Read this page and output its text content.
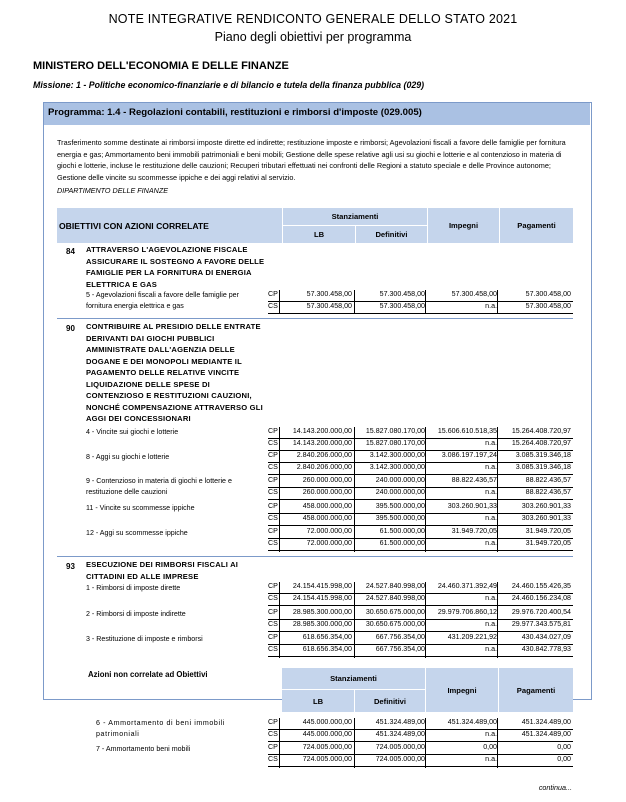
NOTE INTEGRATIVE RENDICONTO GENERALE DELLO STATO 2021
Piano degli obiettivi per programma
MINISTERO DELL'ECONOMIA E DELLE FINANZE
Missione: 1 - Politiche economico-finanziarie e di bilancio e tutela della finanza pubblica (029)
Programma: 1.4 - Regolazioni contabili, restituzioni e rimborsi d'imposte (029.005)
Trasferimento somme destinate ai rimborsi imposte dirette ed indirette; restituzione imposte e rimborsi; Agevolazioni fiscali a favore delle famiglie per fornitura energia e gas; Ammortamento beni immobili patrimoniali e beni mobili; Gestione delle spese relative agli usi su giochi e lotterie e al contenzioso in materia di giochi e lotterie, incluse le restituzione delle cauzioni; Recuperi tributari effettuati nei confronti delle Regioni a statuto speciale e delle Province autonome; Gestione delle vincite su scommesse ippiche e dei aggi relativi al servizio.
DIPARTIMENTO DELLE FINANZE
OBIETTIVI CON AZIONI CORRELATE
Stanziamenti
LB	Definitivi
Impegni	Pagamenti
84 ATTRAVERSO L'AGEVOLAZIONE FISCALE
ASSICURARE IL SOSTEGNO A FAVORE DELLE
FAMIGLIE PER LA FORNITURA DI ENERGIA
ELETTRICA E GAS
5 - Agevolazioni fiscali a favore delle famiglie per
fornitura energia elettrica e gas
CP	57.300.458,00	57.300.458,00	57.300.458,00	57.300.458,00
CS	57.300.458,00	57.300.458,00	n.a.	57.300.458,00
90 CONTRIBUIRE AL PRESIDIO DELLE ENTRATE
DERIVANTI DAI GIOCHI PUBBLICI
AMMINISTRATE DALL'AGENZIA DELLE
DOGANE E DEI MONOPOLI MEDIANTE IL
PAGAMENTO DELLE RELATIVE VINCITE
LIQUIDAZIONE DELLE SPESE DI
CONTENZIOSO E RESTITUZIONI CAUZIONI,
NONCHÉ COMPENSAZIONE ATTRAVERSO GLI
AGGI DEI CONCESSIONARI
4 - Vincite sui giochi e lotterie	CP	14.143.200.000,00	15.827.080.170,00	15.606.610.518,35	15.264.408.720,97
CS	14.143.200.000,00	15.827.080.170,00	n.a.	15.264.408.720,97
8 - Aggi su giochi e lotterie	CP	2.840.206.000,00	3.142.300.000,00	3.086.197.197,24	3.085.319.346,18
CS	2.840.206.000,00	3.142.300.000,00	n.a.	3.085.319.346,18
9 - Contenzioso in materia di giochi e lotterie e
restituzione delle cauzioni
CP	260.000.000,00	240.000.000,00	88.822.436,57	88.822.436,57
CS	260.000.000,00	240.000.000,00	n.a.	88.822.436,57
11 - Vincite su scommesse ippiche	CP	458.000.000,00	395.500.000,00	303.260.901,33	303.260.901,33
CS	458.000.000,00	395.500.000,00	n.a.	303.260.901,33
12 - Aggi su scommesse ippiche	CP	72.000.000,00	61.500.000,00	31.949.720,05	31.949.720,05
CS	72.000.000,00	61.500.000,00	n.a.	31.949.720,05
93 ESECUZIONE DEI RIMBORSI FISCALI AI
CITTADINI ED ALLE IMPRESE
1 - Rimborsi di imposte dirette	CP	24.154.415.998,00	24.527.840.998,00	24.460.371.392,49	24.460.155.426,35
CS	24.154.415.998,00	24.527.840.998,00	n.a.	24.460.156.234,08
2 - Rimborsi di imposte indirette	CP	28.985.300.000,00	30.650.675.000,00	29.979.706.860,12	29.976.720.400,54
CS	28.985.300.000,00	30.650.675.000,00	n.a.	29.977.343.575,81
3 - Restituzione di imposte e rimborsi	CP	618.656.354,00	667.756.354,00	431.209.221,92	430.434.027,09
CS	618.656.354,00	667.756.354,00	n.a.	430.842.778,93
Azioni non correlate ad Obiettivi	Stanziamenti
LB	Definitivi
Impegni	Pagamenti
6 - Ammortamento di beni immobili
patrimoniali
CP	445.000.000,00	451.324.489,00	451.324.489,00	451.324.489,00
CS	445.000.000,00	451.324.489,00	n.a.	451.324.489,00
7 - Ammortamento beni mobili	CP	724.005.000,00	724.005.000,00	0,00	0,00
CS	724.005.000,00	724.005.000,00	n.a.	0,00
continua...
